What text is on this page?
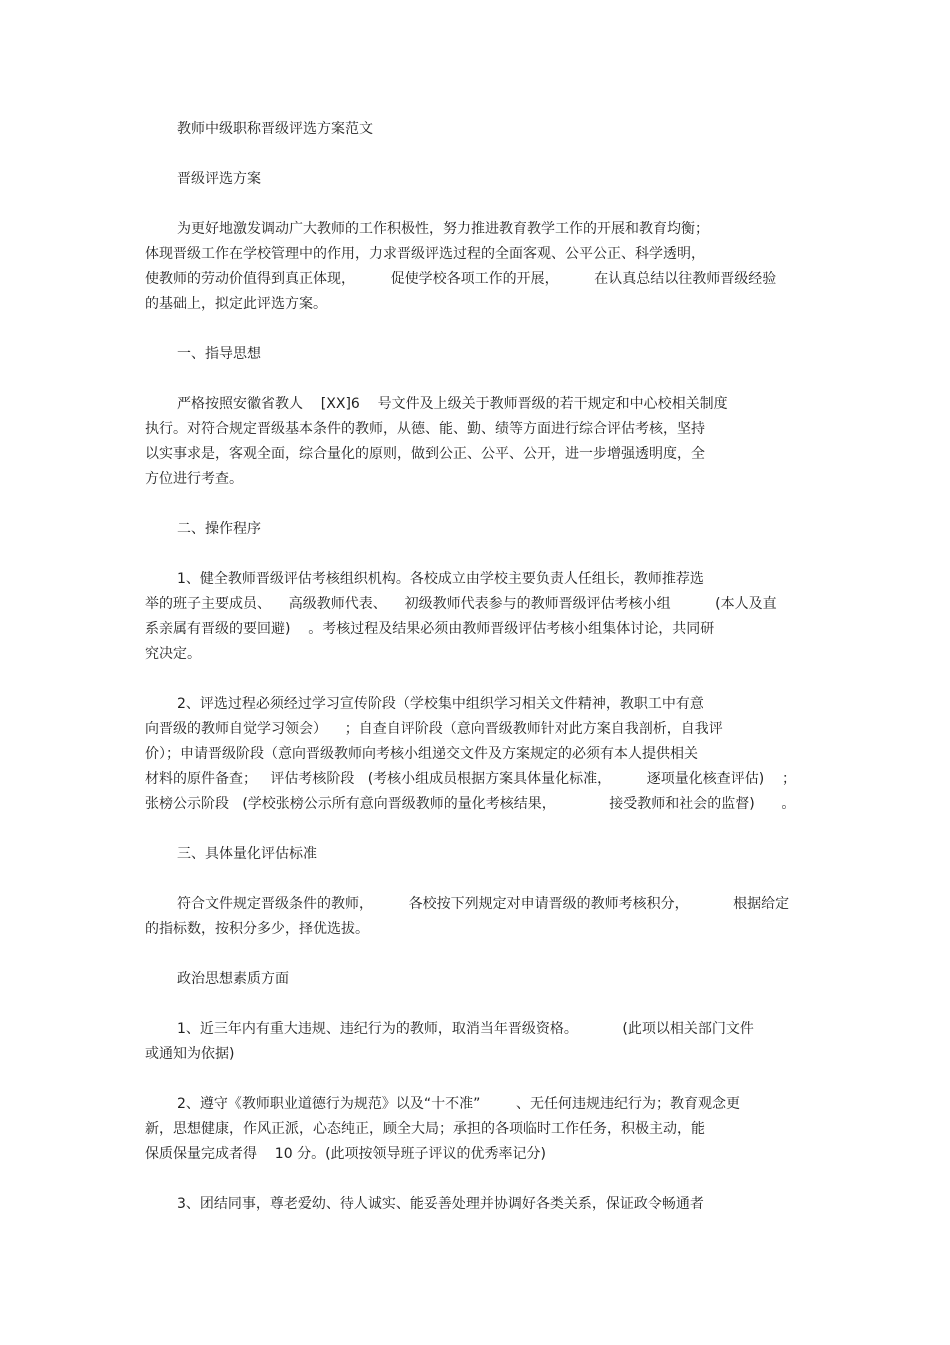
教师中级职称晋级评选方案范文
晋级评选方案
为更好地激发调动广大教师的工作积极性，努力推进教育教学工作的开展和教育均衡；
体现晋级工作在学校管理中的作用，力求晋级评选过程的全面客观、公平公正、科学透明，
使教师的劳动价值得到真正体现，        促使学校各项工作的开展，        在认真总结以往教师晋级经验
的基础上，拟定此评选方案。
一、指导思想
严格按照安徽省教人    [XX]6    号文件及上级关于教师晋级的若干规定和中心校相关制度
执行。对符合规定晋级基本条件的教师，从德、能、勤、绩等方面进行综合评估考核，坚持
以实事求是，客观全面，综合量化的原则，做到公正、公平、公开，进一步增强透明度，全
方位进行考查。
二、操作程序
1、健全教师晋级评估考核组织机构。各校成立由学校主要负责人任组长，教师推荐选
举的班子主要成员、    高级教师代表、    初级教师代表参与的教师晋级评估考核小组          (本人及直
系亲属有晋级的要回避)    。考核过程及结果必须由教师晋级评估考核小组集体讨论，共同研
究决定。
2、评选过程必须经过学习宣传阶段（学校集中组织学习相关文件精神，教职工中有意
向晋级的教师自觉学习领会）    ；自查自评阶段（意向晋级教师针对此方案自我剖析，自我评
价）；申请晋级阶段（意向晋级教师向考核小组递交文件及方案规定的必须有本人提供相关
材料的原件备查；   评估考核阶段   (考核小组成员根据方案具体量化标准，        逐项量化核查评估)    ；
张榜公示阶段   (学校张榜公示所有意向晋级教师的量化考核结果，            接受教师和社会的监督)      。
三、具体量化评估标准
符合文件规定晋级条件的教师，        各校按下列规定对申请晋级的教师考核积分，          根据给定
的指标数，按积分多少，择优选拔。
政治思想素质方面
1、近三年内有重大违规、违纪行为的教师，取消当年晋级资格。          (此项以相关部门文件
或通知为依据)
2、遵守《教师职业道德行为规范》以及“十不准”        、无任何违规违纪行为；教育观念更
新，思想健康，作风正派，心态纯正，顾全大局；承担的各项临时工作任务，积极主动，能
保质保量完成者得    10 分。(此项按领导班子评议的优秀率记分)
3、团结同事，尊老爱幼、待人诚实、能妥善处理并协调好各类关系，保证政令畅通者
